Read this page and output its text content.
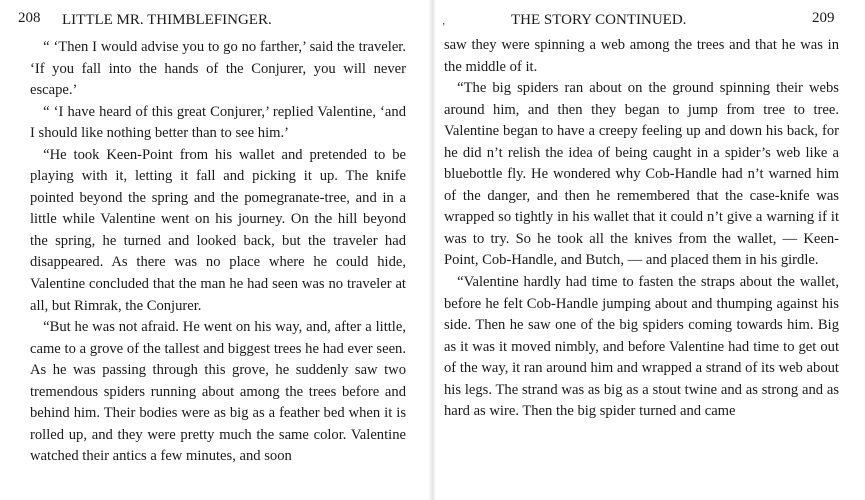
208 LITTLE MR. THIMBLEFINGER.

“ ‘Then I would advise you to go no farther,’ said the traveler. ‘If you fall into the hands of the Conjurer, you will never escape.’

“ ‘I have heard of this great Conjurer,’ replied Valentine, ‘and I should like nothing better than to see him.’

“He took Keen-Point from his wallet and pretended to be playing with it, letting it fall and picking it up. The knife pointed beyond the spring and the pomegranate-tree, and in a little while Valentine went on his journey. On the hill beyond the spring, he turned and looked back, but the traveler had disappeared. As there was no place where he could hide, Valentine concluded that the man he had seen was no traveler at all, but Rimrak, the Conjurer.

“But he was not afraid. He went on his way, and, after a little, came to a grove of the tallest and biggest trees he had ever seen. As he was passing through this grove, he suddenly saw two tremendous spiders running about among the trees before and behind him. Their bodies were as big as a feather bed when it is rolled up, and they were pretty much the same color. Valentine watched their antics a few minutes, and soon

‚	THE STORY CONTINUED.	209

saw they were spinning a web among the trees and that he was in the middle of it.

“The big spiders ran about on the ground spinning their webs around him, and then they began to jump from tree to tree. Valentine began to have a creepy feeling up and down his back, for he did n’t relish the idea of being caught in a spider’s web like a bluebottle fly. He wondered why Cob-Handle had n’t warned him of the danger, and then he remembered that the case-knife was wrapped so tightly in his wallet that it could n’t give a warning if it was to try. So he took all the knives from the wallet, — Keen-Point, Cob-Handle, and Butch, — and placed them in his girdle.

“Valentine hardly had time to fasten the straps about the wallet, before he felt Cob-Handle jumping about and thumping against his side. Then he saw one of the big spiders coming towards him. Big as it was it moved nimbly, and before Valentine had time to get out of the way, it ran around him and wrapped a strand of its web about his legs. The strand was as big as a stout twine and as strong and as hard as wire. Then the big spider turned and came
